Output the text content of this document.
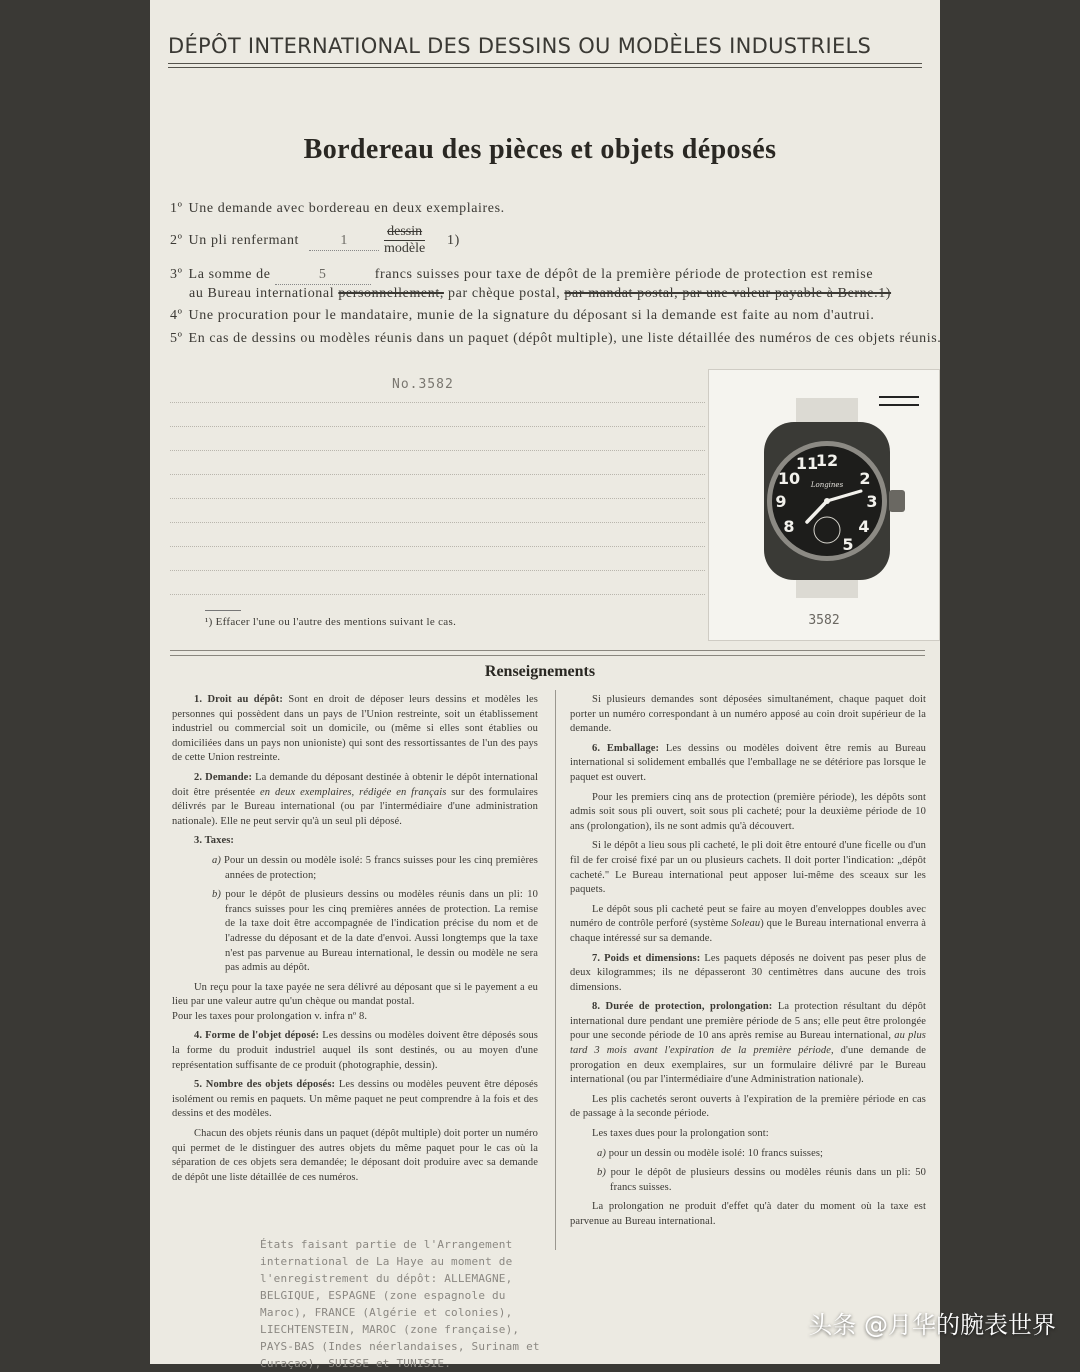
DÉPÔT INTERNATIONAL DES DESSINS OU MODÈLES INDUSTRIELS
Bordereau des pièces et objets déposés
1º Une demande avec bordereau en deux exemplaires.
2º Un pli renfermant	1
dessin
modèle
1)
3º La somme de	5	francs suisses pour taxe de dépôt de la première période de protection est remise
au Bureau international personnellement, par chèque postal, par mandat postal, par une valeur payable à Berne.1)
4º Une procuration pour le mandataire, munie de la signature du déposant si la demande est faite au nom d'autrui.
5º En cas de dessins ou modèles réunis dans un paquet (dépôt multiple), une liste détaillée des numéros de ces objets réunis.
No.3582
¹) Effacer l'une ou l'autre des mentions suivant le cas.
12
2
3
4
5
8
9
10
11
Longines
3582
Renseignements

1. Droit au dépôt: Sont en droit de déposer leurs dessins et modèles les personnes qui possèdent dans un pays de l'Union restreinte, soit un établissement industriel ou commercial soit un domicile, ou (même si elles sont établies ou domiciliées dans un pays non unioniste) qui sont des ressortissantes de l'un des pays de cette Union restreinte.

2. Demande: La demande du déposant destinée à obtenir le dépôt international doit être présentée en deux exemplaires, rédigée en français sur des formulaires délivrés par le Bureau international (ou par l'intermédiaire d'une administration nationale). Elle ne peut servir qu'à un seul pli déposé.

3. Taxes:

a) Pour un dessin ou modèle isolé: 5 francs suisses pour les cinq premières années de protection;

b) pour le dépôt de plusieurs dessins ou modèles réunis dans un pli: 10 francs suisses pour les cinq premières années de protection. La remise de la taxe doit être accompagnée de l'indication précise du nom et de l'adresse du déposant et de la date d'envoi. Aussi longtemps que la taxe n'est pas parvenue au Bureau international, le dessin ou modèle ne sera pas admis au dépôt.

Un reçu pour la taxe payée ne sera délivré au déposant que si le payement a eu lieu par une valeur autre qu'un chèque ou mandat postal.
Pour les taxes pour prolongation v. infra nº 8.

4. Forme de l'objet déposé: Les dessins ou modèles doivent être déposés sous la forme du produit industriel auquel ils sont destinés, ou au moyen d'une représentation suffisante de ce produit (photographie, dessin).

5. Nombre des objets déposés: Les dessins ou modèles peuvent être déposés isolément ou remis en paquets. Un même paquet ne peut comprendre à la fois et des dessins et des modèles.

Chacun des objets réunis dans un paquet (dépôt multiple) doit porter un numéro qui permet de le distinguer des autres objets du même paquet pour le cas où la séparation de ces objets sera demandée; le déposant doit produire avec sa demande de dépôt une liste détaillée de ces numéros.

Si plusieurs demandes sont déposées simultanément, chaque paquet doit porter un numéro correspondant à un numéro apposé au coin droit supérieur de la demande.

6. Emballage: Les dessins ou modèles doivent être remis au Bureau international si solidement emballés que l'emballage ne se détériore pas lorsque le paquet est ouvert.

Pour les premiers cinq ans de protection (première période), les dépôts sont admis soit sous pli ouvert, soit sous pli cacheté; pour la deuxième période de 10 ans (prolongation), ils ne sont admis qu'à découvert.

Si le dépôt a lieu sous pli cacheté, le pli doit être entouré d'une ficelle ou d'un fil de fer croisé fixé par un ou plusieurs cachets. Il doit porter l'indication: „dépôt cacheté." Le Bureau international peut apposer lui-même des sceaux sur les paquets.

Le dépôt sous pli cacheté peut se faire au moyen d'enveloppes doubles avec numéro de contrôle perforé (système Soleau) que le Bureau international enverra à chaque intéressé sur sa demande.

7. Poids et dimensions: Les paquets déposés ne doivent pas peser plus de deux kilogrammes; ils ne dépasseront 30 centimètres dans aucune des trois dimensions.

8. Durée de protection, prolongation: La protection résultant du dépôt international dure pendant une première période de 5 ans; elle peut être prolongée pour une seconde période de 10 ans après remise au Bureau international, au plus tard 3 mois avant l'expiration de la première période, d'une demande de prorogation en deux exemplaires, sur un formulaire délivré par le Bureau international (ou par l'intermédiaire d'une Administration nationale).

Les plis cachetés seront ouverts à l'expiration de la première période en cas de passage à la seconde période.

Les taxes dues pour la prolongation sont:

a) pour un dessin ou modèle isolé: 10 francs suisses;

b) pour le dépôt de plusieurs dessins ou modèles réunis dans un pli: 50 francs suisses.

La prolongation ne produit d'effet qu'à dater du moment où la taxe est parvenue au Bureau international.

États faisant partie de l'Arrangement international de La Haye au moment de l'enregistrement du dépôt: ALLEMAGNE, BELGIQUE, ESPAGNE (zone espagnole du Maroc), FRANCE (Algérie et colonies), LIECHTENSTEIN, MAROC (zone française), PAYS-BAS (Indes néerlandaises, Surinam et Curaçao), SUISSE et TUNISIE.
头条 @月华的腕表世界
